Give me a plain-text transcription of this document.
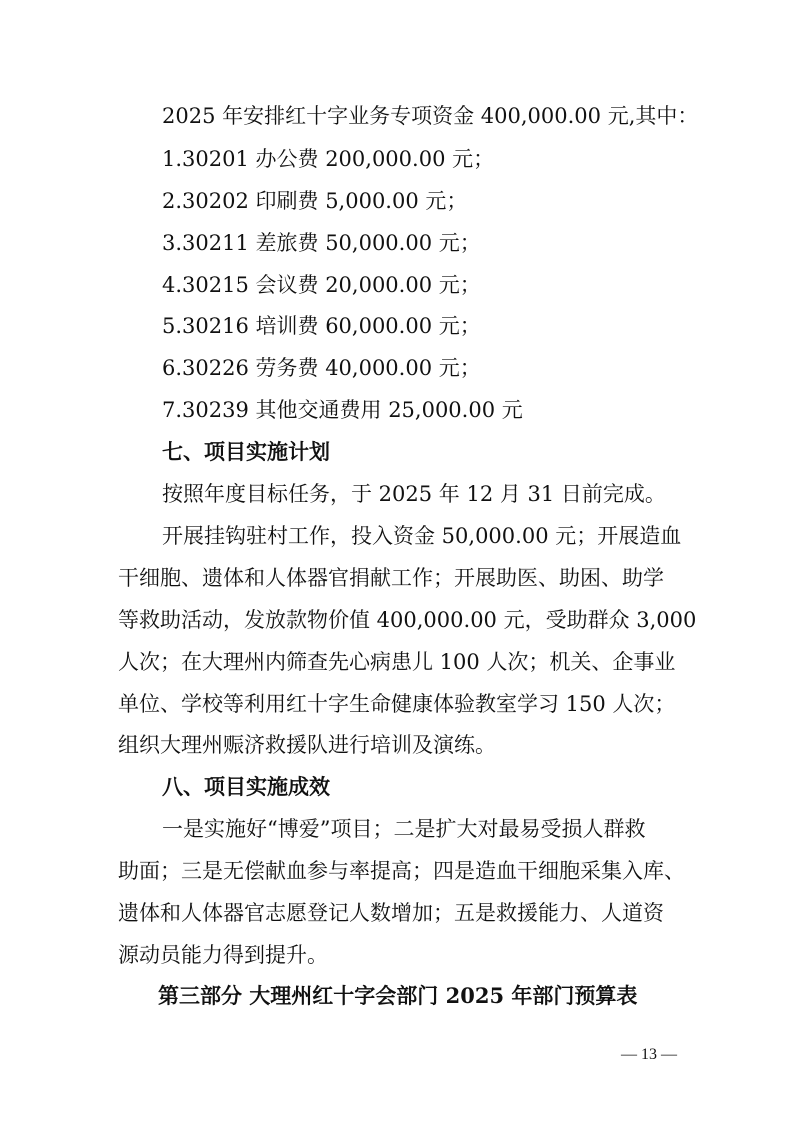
2025 年安排红十字业务专项资金 400,000.00 元,其中：

1.30201 办公费 200,000.00 元；

2.30202 印刷费 5,000.00 元；

3.30211 差旅费 50,000.00 元；

4.30215 会议费 20,000.00 元；

5.30216 培训费 60,000.00 元；

6.30226 劳务费 40,000.00 元；

7.30239 其他交通费用 25,000.00 元

七、项目实施计划

按照年度目标任务，于 2025 年 12 月 31 日前完成。

开展挂钩驻村工作，投入资金 50,000.00 元；开展造血

干细胞、遗体和人体器官捐献工作；开展助医、助困、助学

等救助活动，发放款物价值 400,000.00 元，受助群众 3,000

人次；在大理州内筛查先心病患儿 100 人次；机关、企事业

单位、学校等利用红十字生命健康体验教室学习 150 人次；

组织大理州赈济救援队进行培训及演练。

八、项目实施成效

一是实施好“博爱”项目；二是扩大对最易受损人群救

助面；三是无偿献血参与率提高；四是造血干细胞采集入库、

遗体和人体器官志愿登记人数增加；五是救援能力、人道资

源动员能力得到提升。

第三部分 大理州红十字会部门 2025 年部门预算表

— 13 —
